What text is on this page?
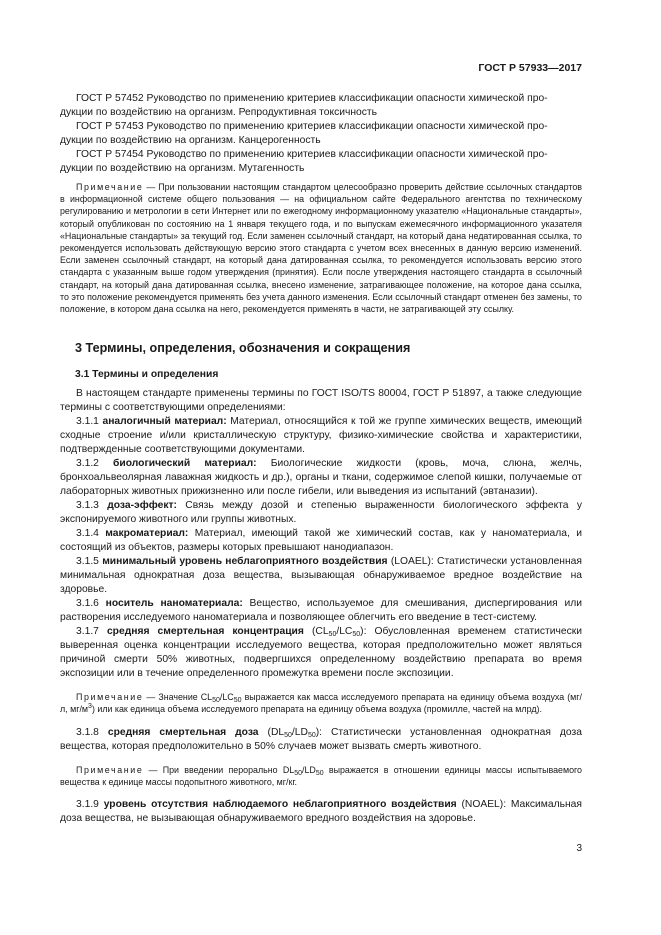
ГОСТ Р 57933—2017

ГОСТ Р 57452 Руководство по применению критериев классификации опасности химической про-
дукции по воздействию на организм. Репродуктивная токсичность

ГОСТ Р 57453 Руководство по применению критериев классификации опасности химической про-
дукции по воздействию на организм. Канцерогенность

ГОСТ Р 57454 Руководство по применению критериев классификации опасности химической про-
дукции по воздействию на организм. Мутагенность

Примечание — При пользовании настоящим стандартом целесообразно проверить действие ссылочных стандартов в информационной системе общего пользования — на официальном сайте Федерального агентства по техническому регулированию и метрологии в сети Интернет или по ежегодному информационному указателю «Национальные стандарты», который опубликован по состоянию на 1 января текущего года, и по выпускам ежемесячного информационного указателя «Национальные стандарты» за текущий год. Если заменен ссылочный стандарт, на который дана недатированная ссылка, то рекомендуется использовать действующую версию этого стандарта с учетом всех внесенных в данную версию изменений. Если заменен ссылочный стандарт, на который дана датированная ссылка, то рекомендуется использовать версию этого стандарта с указанным выше годом утверждения (принятия). Если после утверждения настоящего стандарта в ссылочный стандарт, на который дана датированная ссылка, внесено изменение, затрагивающее положение, на которое дана ссылка, то это положение рекомендуется применять без учета данного изменения. Если ссылочный стандарт отменен без замены, то положение, в котором дана ссылка на него, рекомендуется применять в части, не затрагивающей эту ссылку.

3 Термины, определения, обозначения и сокращения
3.1 Термины и определения

В настоящем стандарте применены термины по ГОСТ ISO/TS 80004, ГОСТ Р 51897, а также следующие термины с соответствующими определениями:

3.1.1 аналогичный материал: Материал, относящийся к той же группе химических веществ, имеющий сходные строение и/или кристаллическую структуру, физико-химические свойства и характеристики, подтвержденные соответствующими документами.

3.1.2 биологический материал: Биологические жидкости (кровь, моча, слюна, желчь, бронхоальвеолярная лаважная жидкость и др.), органы и ткани, содержимое слепой кишки, получаемые от лабораторных животных прижизненно или после гибели, или выведения из испытаний (эвтаназии).

3.1.3 доза-эффект: Связь между дозой и степенью выраженности биологического эффекта у экспонируемого животного или группы животных.

3.1.4 макроматериал: Материал, имеющий такой же химический состав, как у наноматериала, и состоящий из объектов, размеры которых превышают нанодиапазон.

3.1.5 минимальный уровень неблагоприятного воздействия (LOAEL): Статистически установленная минимальная однократная доза вещества, вызывающая обнаруживаемое вредное воздействие на здоровье.

3.1.6 носитель наноматериала: Вещество, используемое для смешивания, диспергирования или растворения исследуемого наноматериала и позволяющее облегчить его введение в тест-систему.

3.1.7 средняя смертельная концентрация $(CL_{50}/LC_{50})$: Обусловленная временем статистически выверенная оценка концентрации исследуемого вещества, которая предположительно может являться причиной смерти 50% животных, подвергшихся определенному воздействию препарата во время экспозиции или в течение определенного промежутка времени после экспозиции.

Примечание — Значение $CL_{50}/LC_{50}$ выражается как масса исследуемого препарата на единицу объема воздуха (мг/л, $мг/м^3$) или как единица объема исследуемого препарата на единицу объема воздуха (промилле, частей на млрд).

3.1.8 средняя смертельная доза $(DL_{50}/LD_{50})$: Статистически установленная однократная доза вещества, которая предположительно в 50% случаев может вызвать смерть животного.

Примечание — При введении перорально $DL_{50}/LD_{50}$ выражается в отношении единицы массы испытываемого вещества к единице массы подопытного животного, мг/кг.

3.1.9 уровень отсутствия наблюдаемого неблагоприятного воздействия (NOAEL): Максимальная доза вещества, не вызывающая обнаруживаемого вредного воздействия на здоровье.

3
